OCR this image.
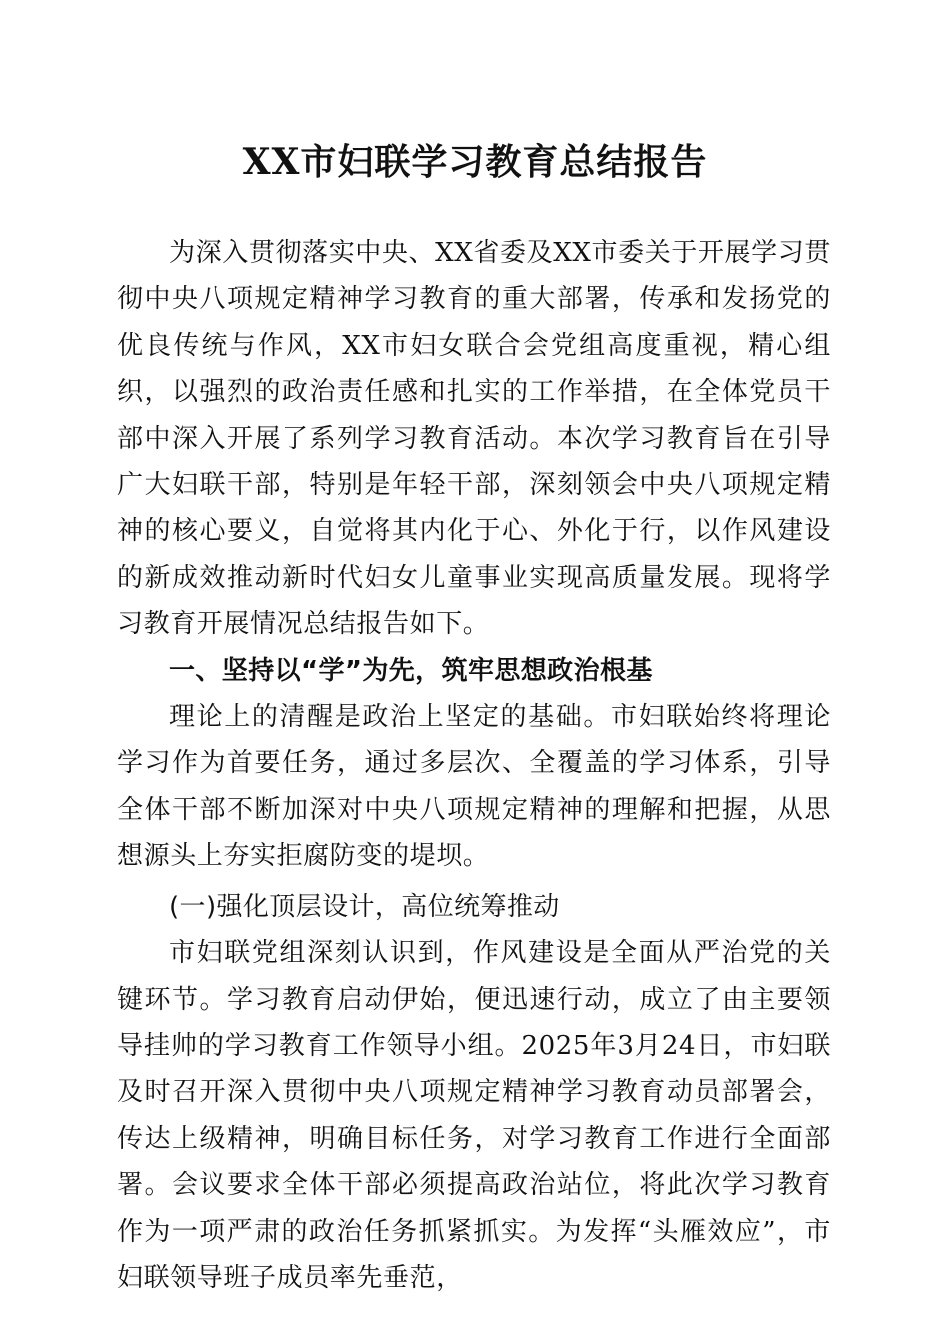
XX市妇联学习教育总结报告

为深入贯彻落实中央、XX省委及XX市委关于开展学习贯彻中央八项规定精神学习教育的重大部署，传承和发扬党的优良传统与作风，XX市妇女联合会党组高度重视，精心组织，以强烈的政治责任感和扎实的工作举措，在全体党员干部中深入开展了系列学习教育活动。本次学习教育旨在引导广大妇联干部，特别是年轻干部，深刻领会中央八项规定精神的核心要义，自觉将其内化于心、外化于行，以作风建设的新成效推动新时代妇女儿童事业实现高质量发展。现将学习教育开展情况总结报告如下。

一、坚持以“学”为先，筑牢思想政治根基

理论上的清醒是政治上坚定的基础。市妇联始终将理论学习作为首要任务，通过多层次、全覆盖的学习体系，引导全体干部不断加深对中央八项规定精神的理解和把握，从思想源头上夯实拒腐防变的堤坝。

(一)强化顶层设计，高位统筹推动

市妇联党组深刻认识到，作风建设是全面从严治党的关键环节。学习教育启动伊始，便迅速行动，成立了由主要领导挂帅的学习教育工作领导小组。2025年3月24日，市妇联及时召开深入贯彻中央八项规定精神学习教育动员部署会，传达上级精神，明确目标任务，对学习教育工作进行全面部署。会议要求全体干部必须提高政治站位，将此次学习教育作为一项严肃的政治任务抓紧抓实。为发挥“头雁效应”，市妇联领导班子成员率先垂范，
